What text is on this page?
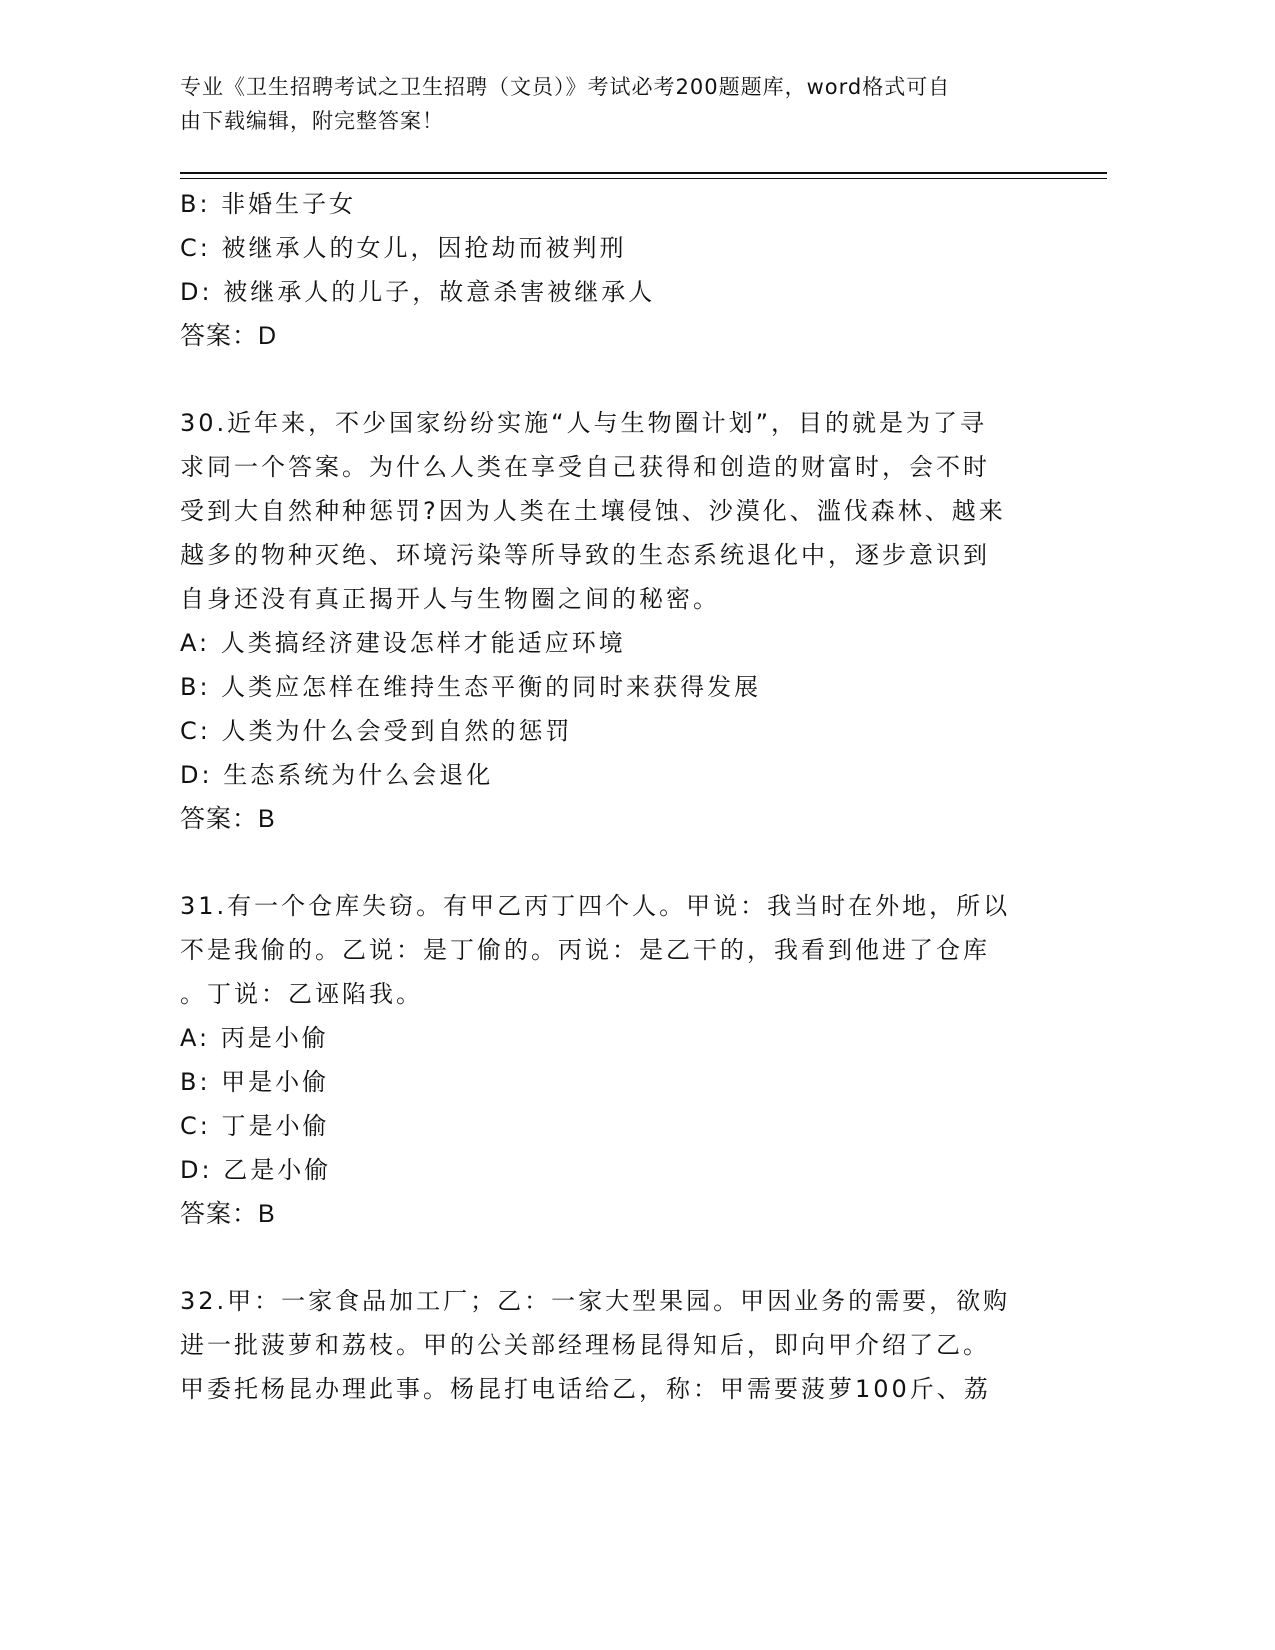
专业《卫生招聘考试之卫生招聘（文员）》考试必考200题题库，word格式可自
由下载编辑，附完整答案！
B: 非婚生子女
C: 被继承人的女儿，因抢劫而被判刑
D: 被继承人的儿子，故意杀害被继承人
答案：D
30.近年来，不少国家纷纷实施“人与生物圈计划”，目的就是为了寻
求同一个答案。为什么人类在享受自己获得和创造的财富时，会不时
受到大自然种种惩罚?因为人类在土壤侵蚀、沙漠化、滥伐森林、越来
越多的物种灭绝、环境污染等所导致的生态系统退化中，逐步意识到
自身还没有真正揭开人与生物圈之间的秘密。
A: 人类搞经济建设怎样才能适应环境
B: 人类应怎样在维持生态平衡的同时来获得发展
C: 人类为什么会受到自然的惩罚
D: 生态系统为什么会退化
答案：B
31.有一个仓库失窃。有甲乙丙丁四个人。甲说：我当时在外地，所以
不是我偷的。乙说：是丁偷的。丙说：是乙干的，我看到他进了仓库
。丁说：乙诬陷我。
A: 丙是小偷
B: 甲是小偷
C: 丁是小偷
D: 乙是小偷
答案：B
32.甲：一家食品加工厂；乙：一家大型果园。甲因业务的需要，欲购
进一批菠萝和荔枝。甲的公关部经理杨昆得知后，即向甲介绍了乙。
甲委托杨昆办理此事。杨昆打电话给乙，称：甲需要菠萝100斤、荔
